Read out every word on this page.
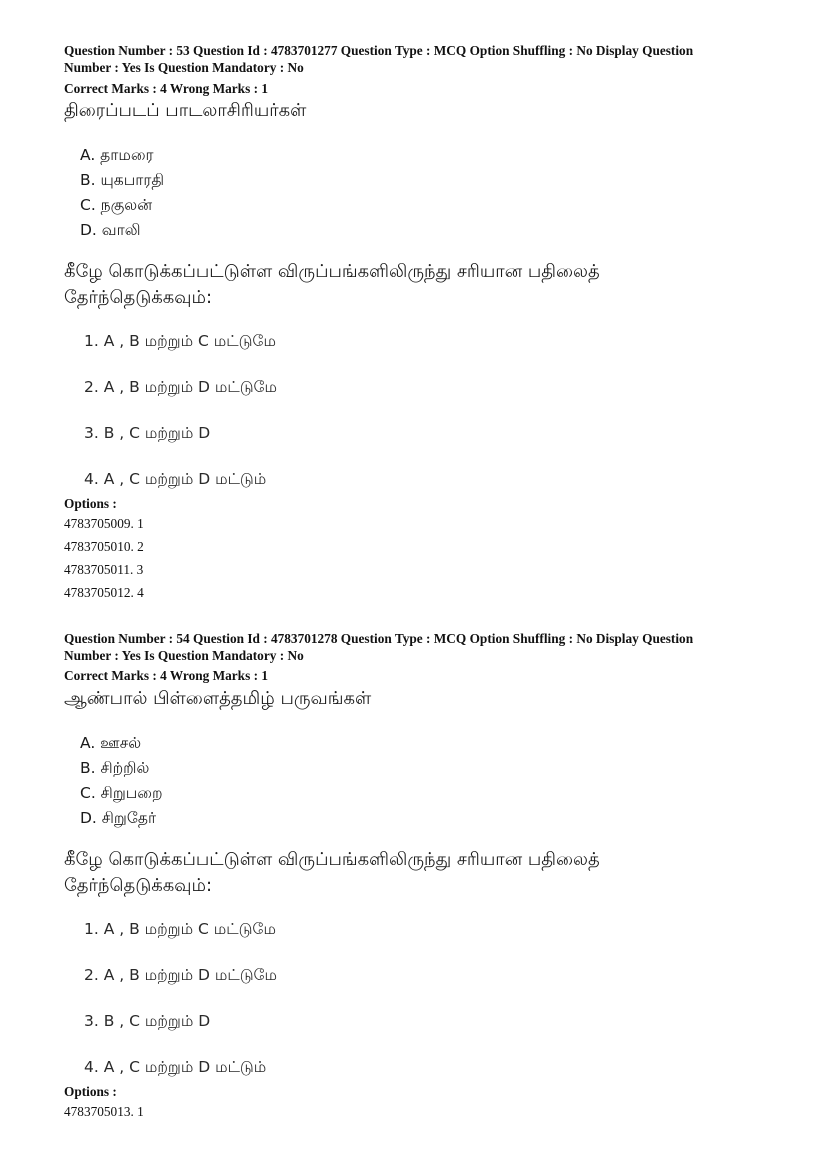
Question Number : 53 Question Id : 4783701277 Question Type : MCQ Option Shuffling : No Display Question
Number : Yes Is Question Mandatory : No
Correct Marks : 4 Wrong Marks : 1
திரைப்படப் பாடலாசிரியர்கள்
A. தாமரை
B. யுகபாரதி
C. நகுலன்
D. வாலி
கீழே கொடுக்கப்பட்டுள்ள விருப்பங்களிலிருந்து சரியான பதிலைத்
தேர்ந்தெடுக்கவும்:
1. A , B மற்றும் C மட்டுமே
2. A , B மற்றும் D மட்டுமே
3. B , C மற்றும் D
4. A , C மற்றும் D மட்டும்
Options :
4783705009. 1
4783705010. 2
4783705011. 3
4783705012. 4
Question Number : 54 Question Id : 4783701278 Question Type : MCQ Option Shuffling : No Display Question
Number : Yes Is Question Mandatory : No
Correct Marks : 4 Wrong Marks : 1
ஆண்பால் பிள்ளைத்தமிழ் பருவங்கள்
A. ஊசல்
B. சிற்றில்
C. சிறுபறை
D. சிறுதேர்
கீழே கொடுக்கப்பட்டுள்ள விருப்பங்களிலிருந்து சரியான பதிலைத்
தேர்ந்தெடுக்கவும்:
1. A , B மற்றும் C மட்டுமே
2. A , B மற்றும் D மட்டுமே
3. B , C மற்றும் D
4. A , C மற்றும் D மட்டும்
Options :
4783705013. 1
